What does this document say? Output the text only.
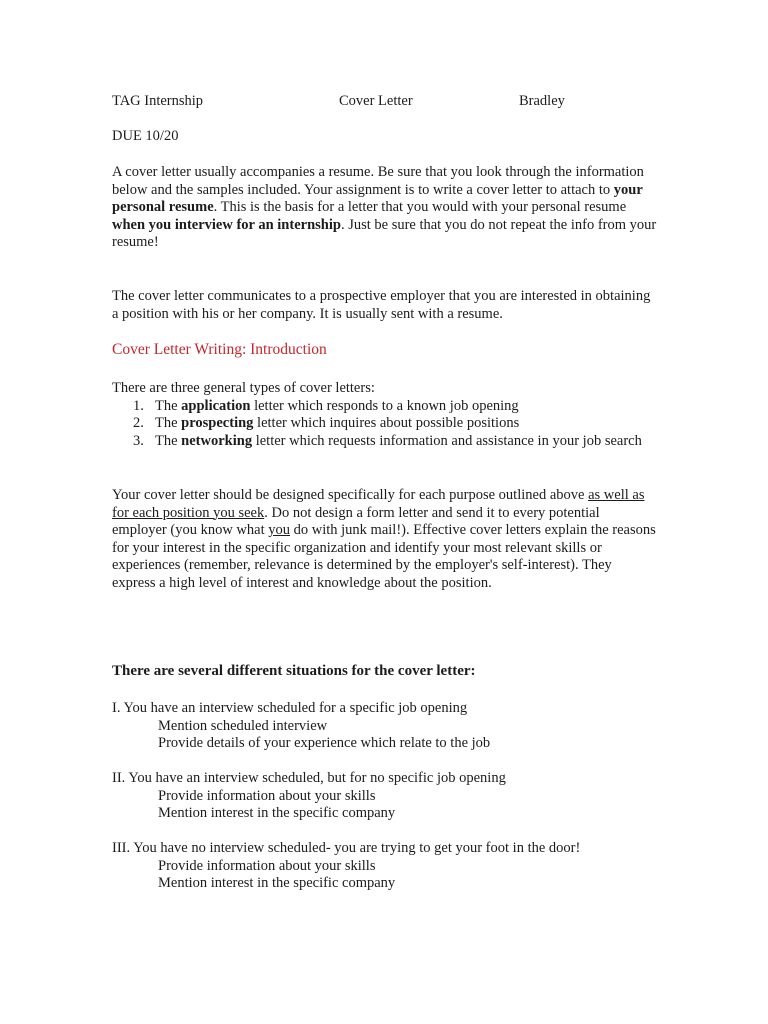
TAG Internship	Cover Letter	Bradley
DUE 10/20

A cover letter usually accompanies a resume. Be sure that you look through the information below and the samples included. Your assignment is to write a cover letter to attach to your personal resume. This is the basis for a letter that you would with your personal resume when you interview for an internship. Just be sure that you do not repeat the info from your resume!

The cover letter communicates to a prospective employer that you are interested in obtaining a position with his or her company. It is usually sent with a resume.
Cover Letter Writing: Introduction

There are three general types of cover letters:

1. The application letter which responds to a known job opening
2. The prospecting letter which inquires about possible positions
3. The networking letter which requests information and assistance in your job search

Your cover letter should be designed specifically for each purpose outlined above as well as for each position you seek. Do not design a form letter and send it to every potential employer (you know what you do with junk mail!). Effective cover letters explain the reasons for your interest in the specific organization and identify your most relevant skills or experiences (remember, relevance is determined by the employer's self-interest). They express a high level of interest and knowledge about the position.

There are several different situations for the cover letter:
I. You have an interview scheduled for a specific job opening
Mention scheduled interview
Provide details of your experience which relate to the job
II. You have an interview scheduled, but for no specific job opening
Provide information about your skills
Mention interest in the specific company
III. You have no interview scheduled- you are trying to get your foot in the door!
Provide information about your skills
Mention interest in the specific company
